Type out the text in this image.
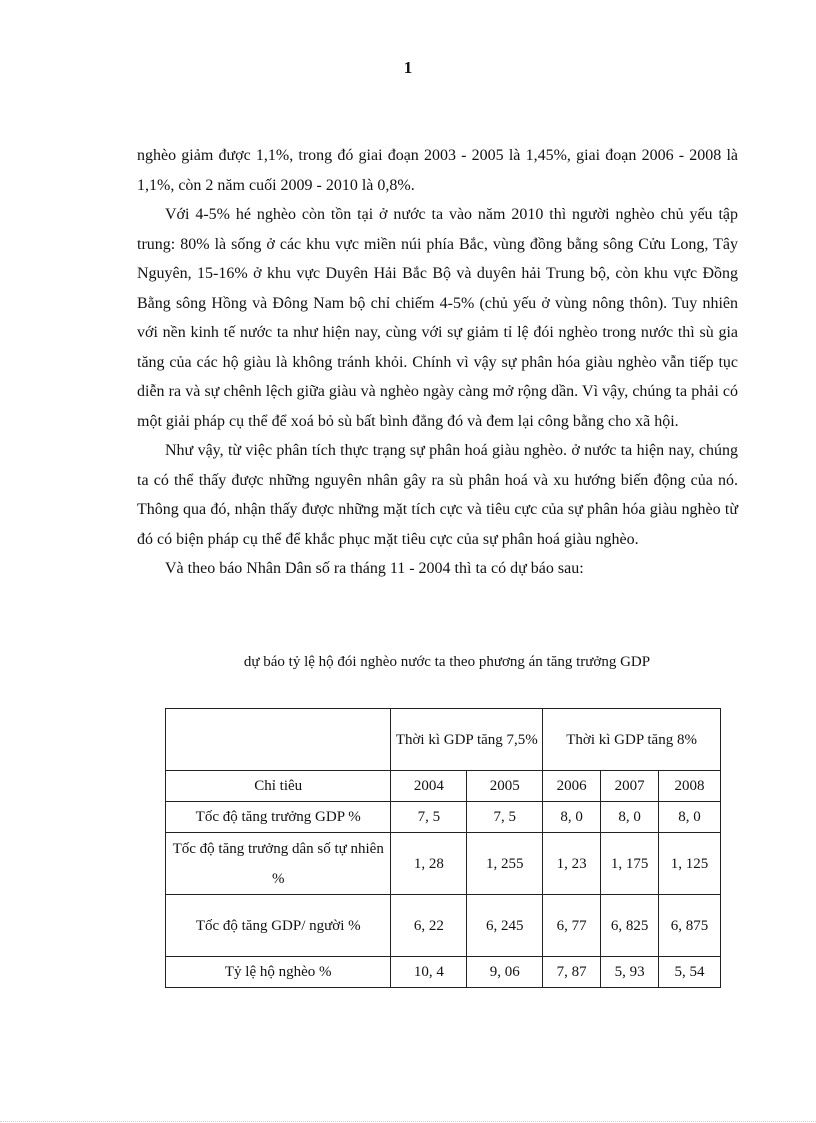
1

nghèo giảm được 1,1%, trong đó giai đoạn 2003 - 2005 là 1,45%, giai đoạn 2006 - 2008 là 1,1%, còn 2 năm cuối 2009 - 2010 là 0,8%.

Với 4-5% hé nghèo còn tồn tại ở nước ta vào năm 2010 thì người nghèo chủ yếu tập trung: 80% là sống ở các khu vực miền núi phía Bắc, vùng đồng bằng sông Cửu Long, Tây Nguyên, 15-16% ở khu vực Duyên Hải Bắc Bộ và duyên hải Trung bộ, còn khu vực Đồng Bằng sông Hồng và Đông Nam bộ chỉ chiếm 4-5% (chủ yếu ở vùng nông thôn). Tuy nhiên với nền kinh tế nước ta như hiện nay, cùng với sự giảm tỉ lệ đói nghèo trong nước thì sù gia tăng của các hộ giàu là không tránh khỏi. Chính vì vậy sự phân hóa giàu nghèo vẫn tiếp tục diễn ra và sự chênh lệch giữa giàu và nghèo ngày càng mở rộng dần. Vì vậy, chúng ta phải có một giải pháp cụ thể để xoá bỏ sù bất bình đẳng đó và đem lại công bằng cho xã hội.

Như vậy, từ việc phân tích thực trạng sự phân hoá giàu nghèo. ở nước ta hiện nay, chúng ta có thể thấy được những nguyên nhân gây ra sù phân hoá và xu hướng biến động của nó. Thông qua đó, nhận thấy được những mặt tích cực và tiêu cực của sự phân hóa giàu nghèo từ đó có biện pháp cụ thể để khắc phục mặt tiêu cực của sự phân hoá giàu nghèo.

Và theo báo Nhân Dân số ra tháng 11 - 2004 thì ta có dự báo sau:

dự báo tỷ lệ hộ đói nghèo nước ta theo phương án tăng trưởng GDP
	Thời kì GDP tăng 7,5%		Thời kì GDP tăng 8%		
Chỉ tiêu	2004	2005	2006	2007	2008
Tốc độ tăng trưởng GDP %	7, 5	7, 5	8, 0	8, 0	8, 0
Tốc độ tăng trưởng dân số tự nhiên %	1, 28	1, 255	1, 23	1, 175	1, 125
Tốc độ tăng GDP/ người %	6, 22	6, 245	6, 77	6, 825	6, 875
Tỷ lệ hộ nghèo %	10, 4	9, 06	7, 87	5, 93	5, 54
